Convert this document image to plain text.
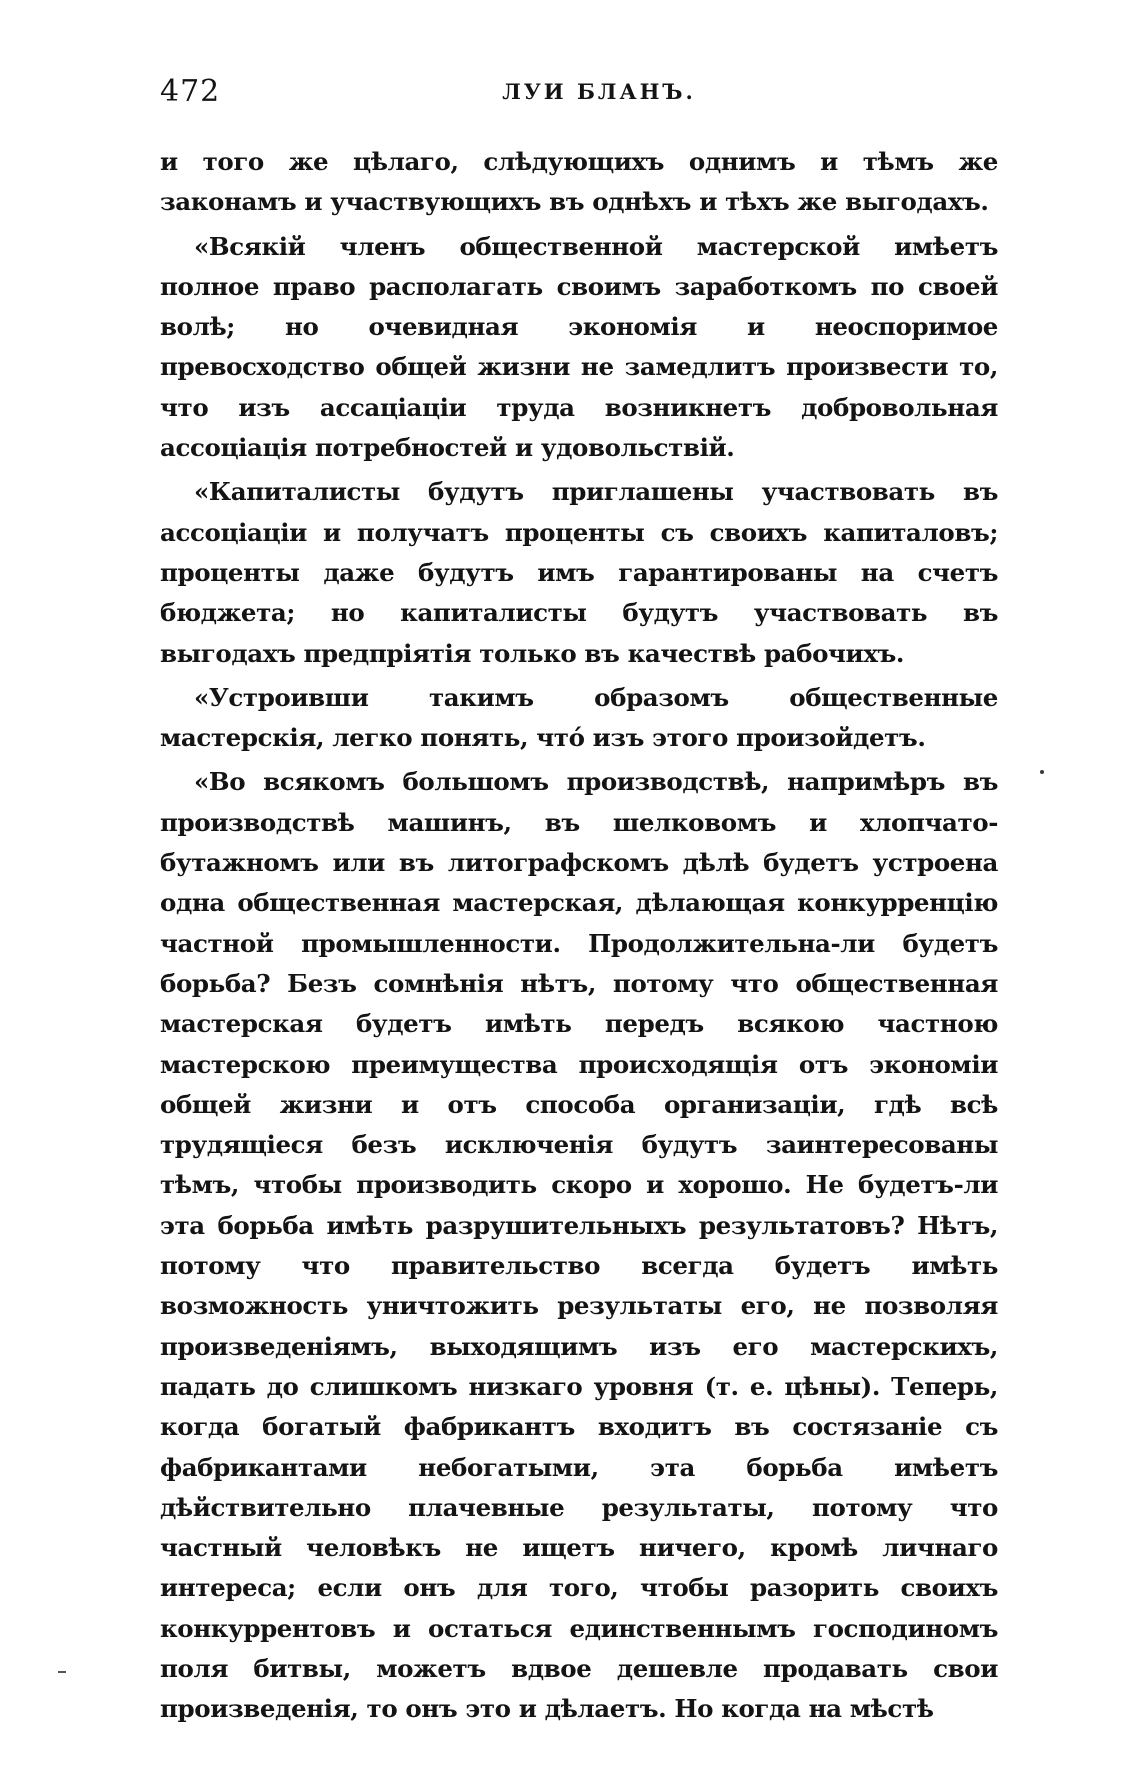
472	ЛУИ БЛАНЪ.

и того же цѣлаго, слѣдующихъ однимъ и тѣмъ же законамъ и участвующихъ въ однѣхъ и тѣхъ же выгодахъ.

«Всякій членъ общественной мастерской имѣетъ полное право располагать своимъ заработкомъ по своей волѣ; но очевидная экономія и неоспоримое превосходство общей жизни не замедлитъ произвести то, что изъ ассаціаціи труда возникнетъ добровольная ассоціація потребностей и удовольствій.

«Капиталисты будутъ приглашены участвовать въ ассоціаціи и получатъ проценты съ своихъ капиталовъ; проценты даже будутъ имъ гарантированы на счетъ бюджета; но капиталисты будутъ участвовать въ выгодахъ предпріятія только въ качествѣ рабочихъ.

«Устроивши такимъ образомъ общественные мастерскія, легко понять, чтó изъ этого произойдетъ.

«Во всякомъ большомъ производствѣ, напримѣръ въ производствѣ машинъ, въ шелковомъ и хлопчато-бутажномъ или въ литографскомъ дѣлѣ будетъ устроена одна общественная мастерская, дѣлающая конкурренцію частной промышленности. Продолжительна-ли будетъ борьба? Безъ сомнѣнія нѣтъ, потому что общественная мастерская будетъ имѣть передъ всякою частною мастерскою преимущества происходящія отъ экономіи общей жизни и отъ способа организаціи, гдѣ всѣ трудящіеся безъ исключенія будутъ заинтересованы тѣмъ, чтобы производить скоро и хорошо. Не будетъ-ли эта борьба имѣть разрушительныхъ результатовъ? Нѣтъ, потому что правительство всегда будетъ имѣть возможность уничтожить результаты его, не позволяя произведеніямъ, выходящимъ изъ его мастерскихъ, падать до слишкомъ низкаго уровня (т. е. цѣны). Теперь, когда богатый фабрикантъ входитъ въ состязаніе съ фабрикантами небогатыми, эта борьба имѣетъ дѣйствительно плачевные результаты, потому что частный человѣкъ не ищетъ ничего, кромѣ личнаго интереса; если онъ для того, чтобы разорить своихъ конкуррентовъ и остаться единственнымъ господиномъ поля битвы, можетъ вдвое дешевле продавать свои произведенія, то онъ это и дѣлаетъ. Но когда на мѣстѣ
